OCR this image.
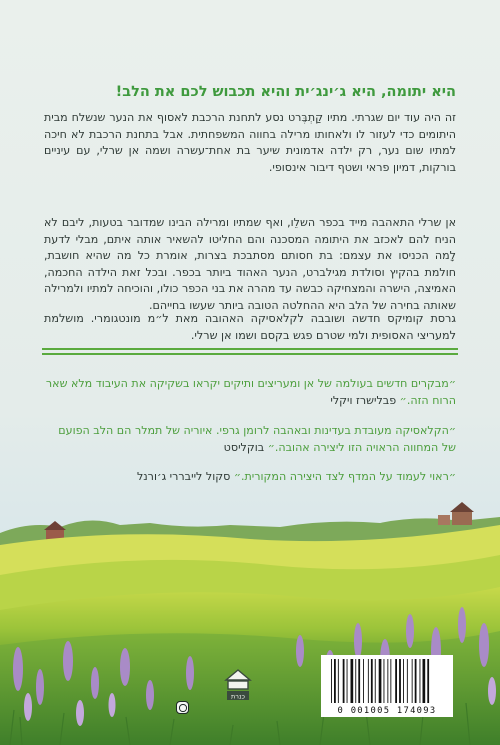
היא יתומה, היא ג׳ינג׳ית והיא תכבוש לכם את הלב!

זה היה עוד יום שגרתי. מתיו קַתְבֶּרט נסע לתחנת הרכבת לאסוף את הנער שנשלח מבית היתומים כדי לעזור לו ולאחותו מרילה בחווה המשפחתית. אבל בתחנת הרכבת לא חיכה למתיו שום נער, רק ילדה אדמונית שיער בת אחת־עשרה ושמה אן שרלי, עם עיניים בורקות, דמיון פראי ושטף דיבור אינסופי.

אן שרלי התאהבה מייד בכפר השלֵו, ואף שמתיו ומרילה הבינו שמדובר בטעות, ליבם לא הניח להם לאכזב את היתומה המסכנה והם החליטו להשאיר אותה איתם, מבלי לדעת לָמה הכניסו את עצמם: בת חסותם מסתבכת בצרות, אומרת כל מה שהיא חושבת, חולמת בהקיץ וסולדת מגילברט, הנער האהוד ביותר בכפר. ובכל זאת הילדה החכמה, האמיצה, הישרה והמצחיקה כבשה עד מהרה את בני הכפר כולו, והוכיחה למתיו ולמרילה שאותה בחירה של הלב היא ההחלטה הטובה ביותר שעשו בחייהם.

גרסת קומיקס חדשה ושובבה לקלאסיקה האהובה מאת ל״מ מונטגומרי. מושלמת למעריצי האסופית ולמי שטרם פגש בקסם ושמו אן שרלי.

״מבקרים חדשים בעולמה של אן ומעריצים ותיקים יקראו בשקיקה את העיבוד מלא שאר הרוח הזה.״ פבלישרז ויקלי

״הקלאסיקה מעובדת בעדינות ובאהבה לרומן גרפי. איוריה של תמלר הם הלב הפועם של המחווה הראויה הזו ליצירה אהובה.״ בוקליסט

״ראוי לעמוד על המדף לצד היצירה המקורית.״ סקול לייבררי ג׳ורנל

כנרת
0 001005 174093
